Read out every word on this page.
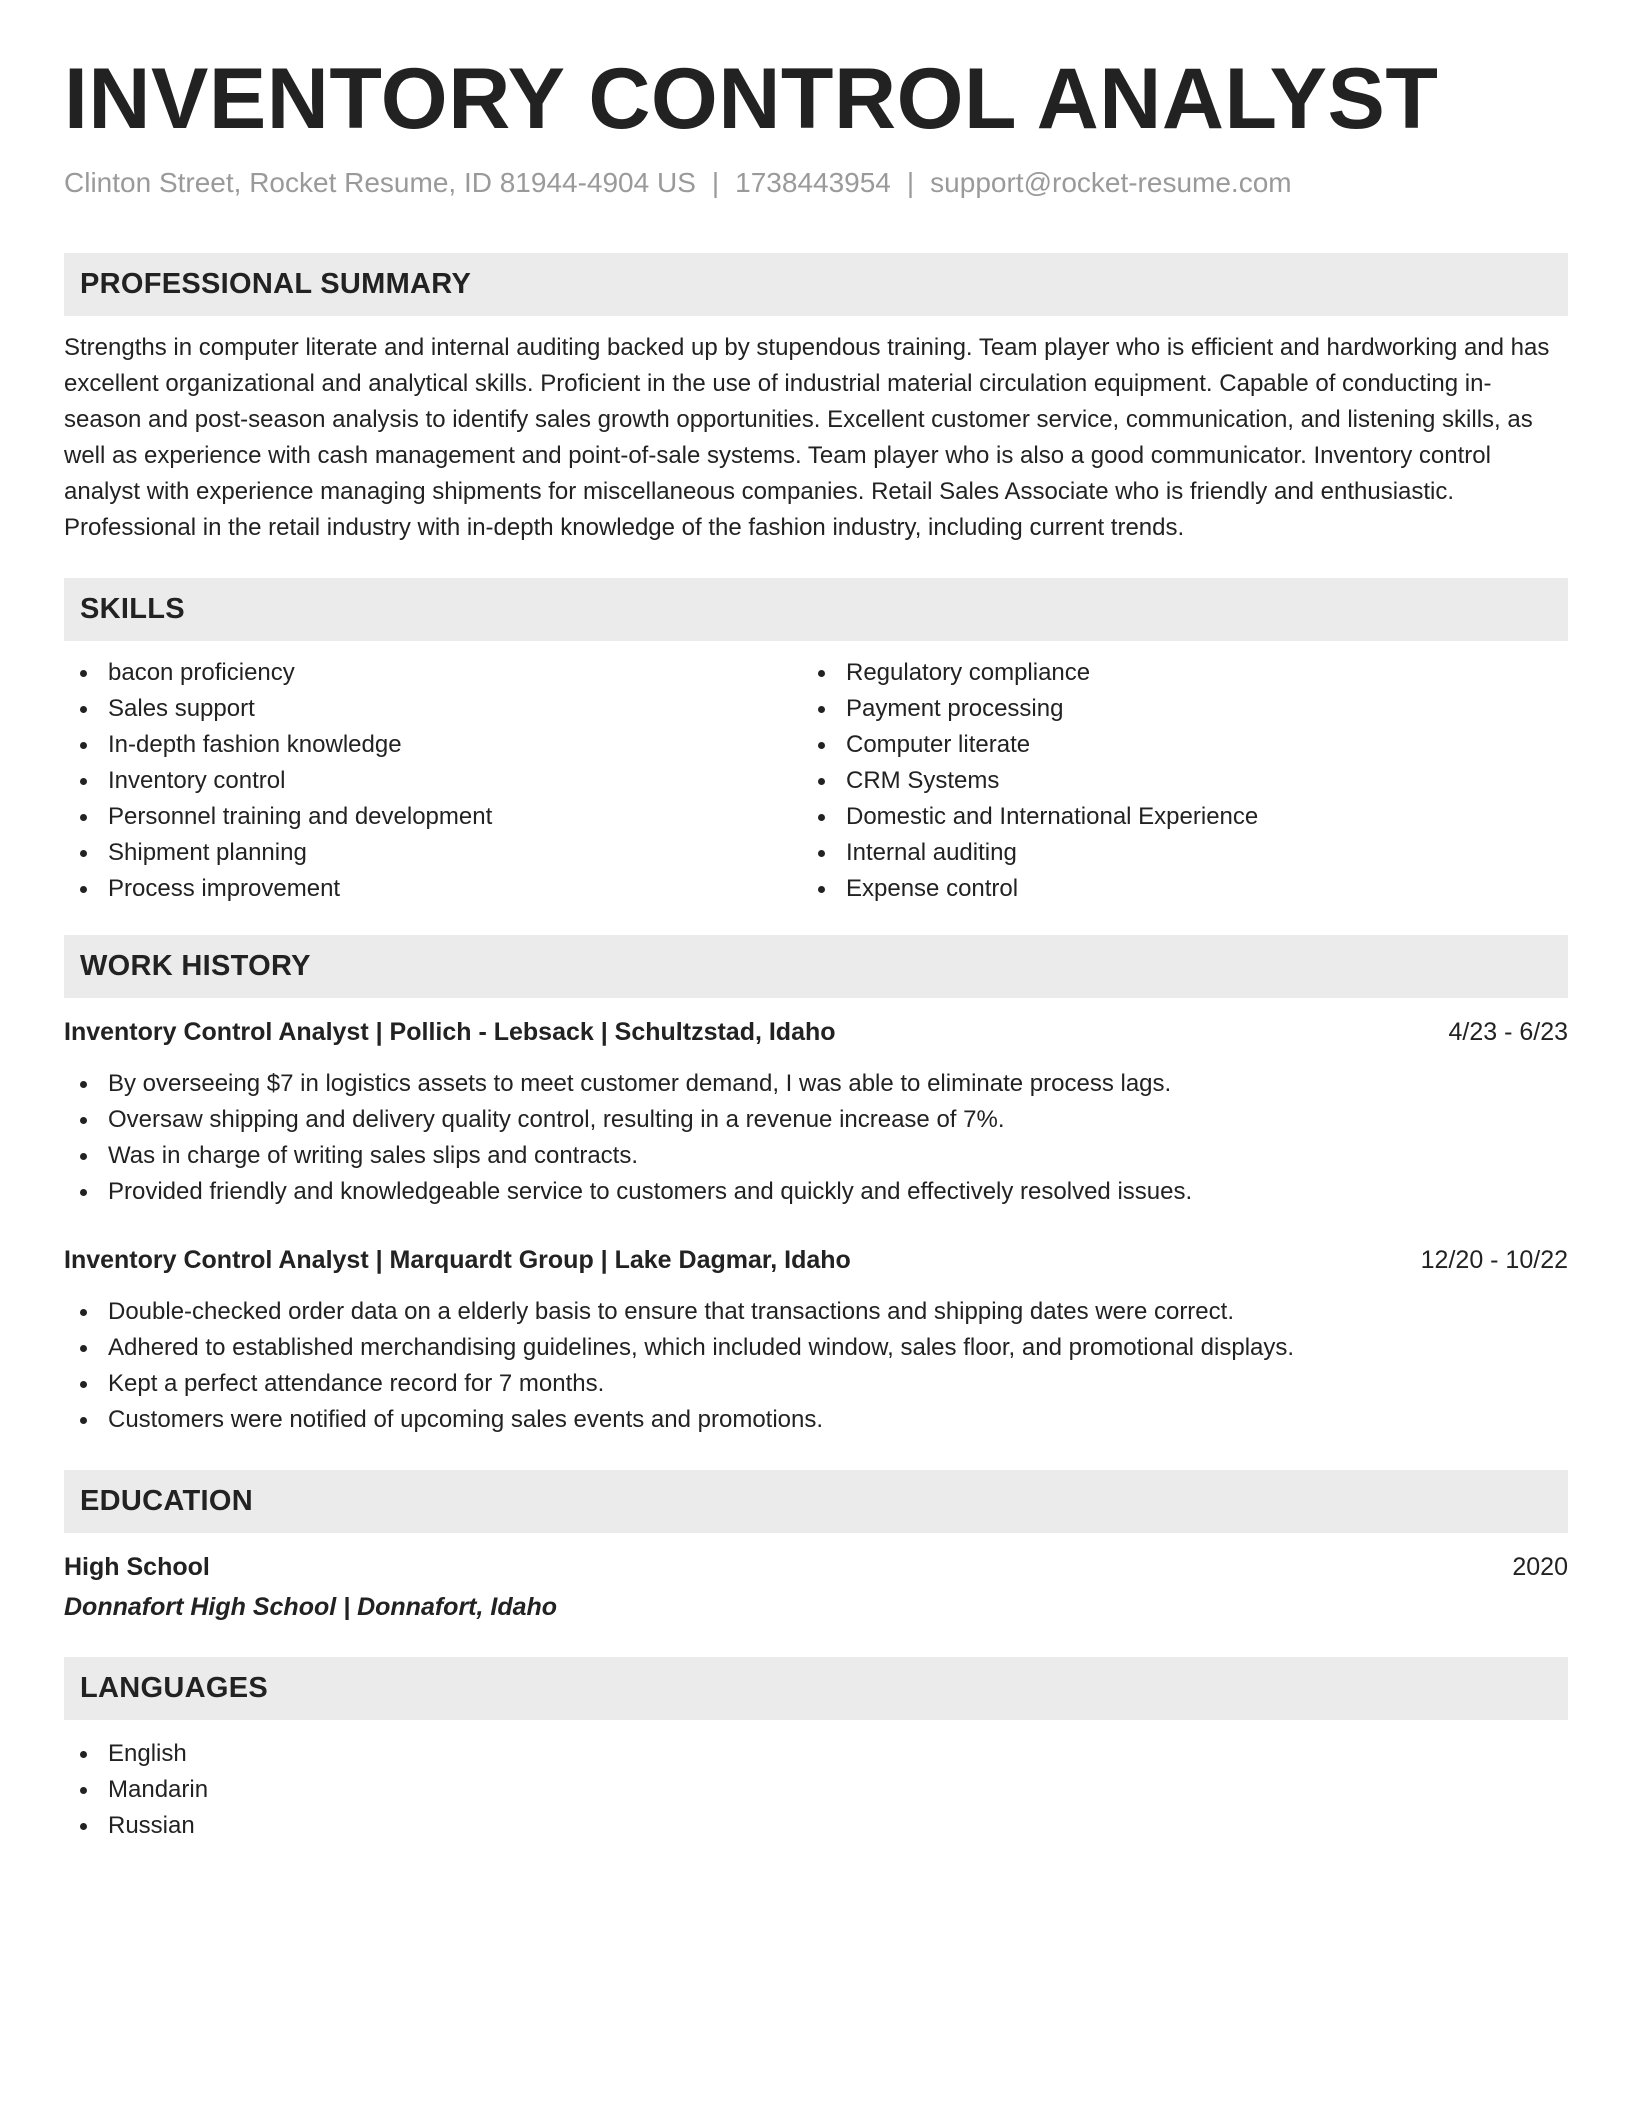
INVENTORY CONTROL ANALYST
Clinton Street, Rocket Resume, ID 81944-4904 US | 1738443954 | support@rocket-resume.com
PROFESSIONAL SUMMARY
Strengths in computer literate and internal auditing backed up by stupendous training. Team player who is efficient and hardworking and has excellent organizational and analytical skills. Proficient in the use of industrial material circulation equipment. Capable of conducting in-season and post-season analysis to identify sales growth opportunities. Excellent customer service, communication, and listening skills, as well as experience with cash management and point-of-sale systems. Team player who is also a good communicator. Inventory control analyst with experience managing shipments for miscellaneous companies. Retail Sales Associate who is friendly and enthusiastic. Professional in the retail industry with in-depth knowledge of the fashion industry, including current trends.
SKILLS
bacon proficiency
Sales support
In-depth fashion knowledge
Inventory control
Personnel training and development
Shipment planning
Process improvement
Regulatory compliance
Payment processing
Computer literate
CRM Systems
Domestic and International Experience
Internal auditing
Expense control
WORK HISTORY
Inventory Control Analyst | Pollich - Lebsack | Schultzstad, Idaho	4/23 - 6/23
By overseeing $7 in logistics assets to meet customer demand, I was able to eliminate process lags.
Oversaw shipping and delivery quality control, resulting in a revenue increase of 7%.
Was in charge of writing sales slips and contracts.
Provided friendly and knowledgeable service to customers and quickly and effectively resolved issues.
Inventory Control Analyst | Marquardt Group | Lake Dagmar, Idaho	12/20 - 10/22
Double-checked order data on a elderly basis to ensure that transactions and shipping dates were correct.
Adhered to established merchandising guidelines, which included window, sales floor, and promotional displays.
Kept a perfect attendance record for 7 months.
Customers were notified of upcoming sales events and promotions.
EDUCATION
High School	2020
Donnafort High School | Donnafort, Idaho
LANGUAGES
English
Mandarin
Russian
